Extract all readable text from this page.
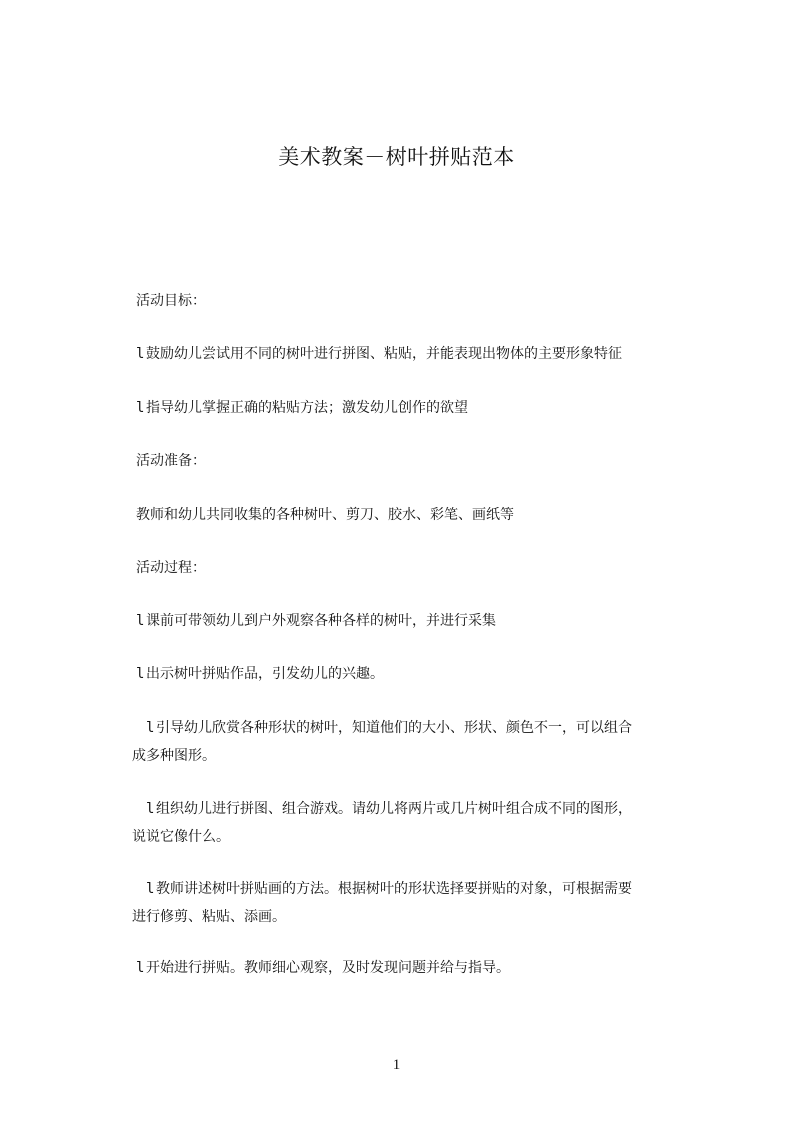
美术教案－树叶拼贴范本

活动目标：

l 鼓励幼儿尝试用不同的树叶进行拼图、粘贴，并能表现出物体的主要形象特征

l 指导幼儿掌握正确的粘贴方法；激发幼儿创作的欲望

活动准备：

教师和幼儿共同收集的各种树叶、剪刀、胶水、彩笔、画纸等

活动过程：

l 课前可带领幼儿到户外观察各种各样的树叶，并进行采集

l 出示树叶拼贴作品，引发幼儿的兴趣。

l 引导幼儿欣赏各种形状的树叶，知道他们的大小、形状、颜色不一，可以组合
成多种图形。
l 组织幼儿进行拼图、组合游戏。请幼儿将两片或几片树叶组合成不同的图形，
说说它像什么。
l 教师讲述树叶拼贴画的方法。根据树叶的形状选择要拼贴的对象，可根据需要
进行修剪、粘贴、添画。

l 开始进行拼贴。教师细心观察，及时发现问题并给与指导。

1
